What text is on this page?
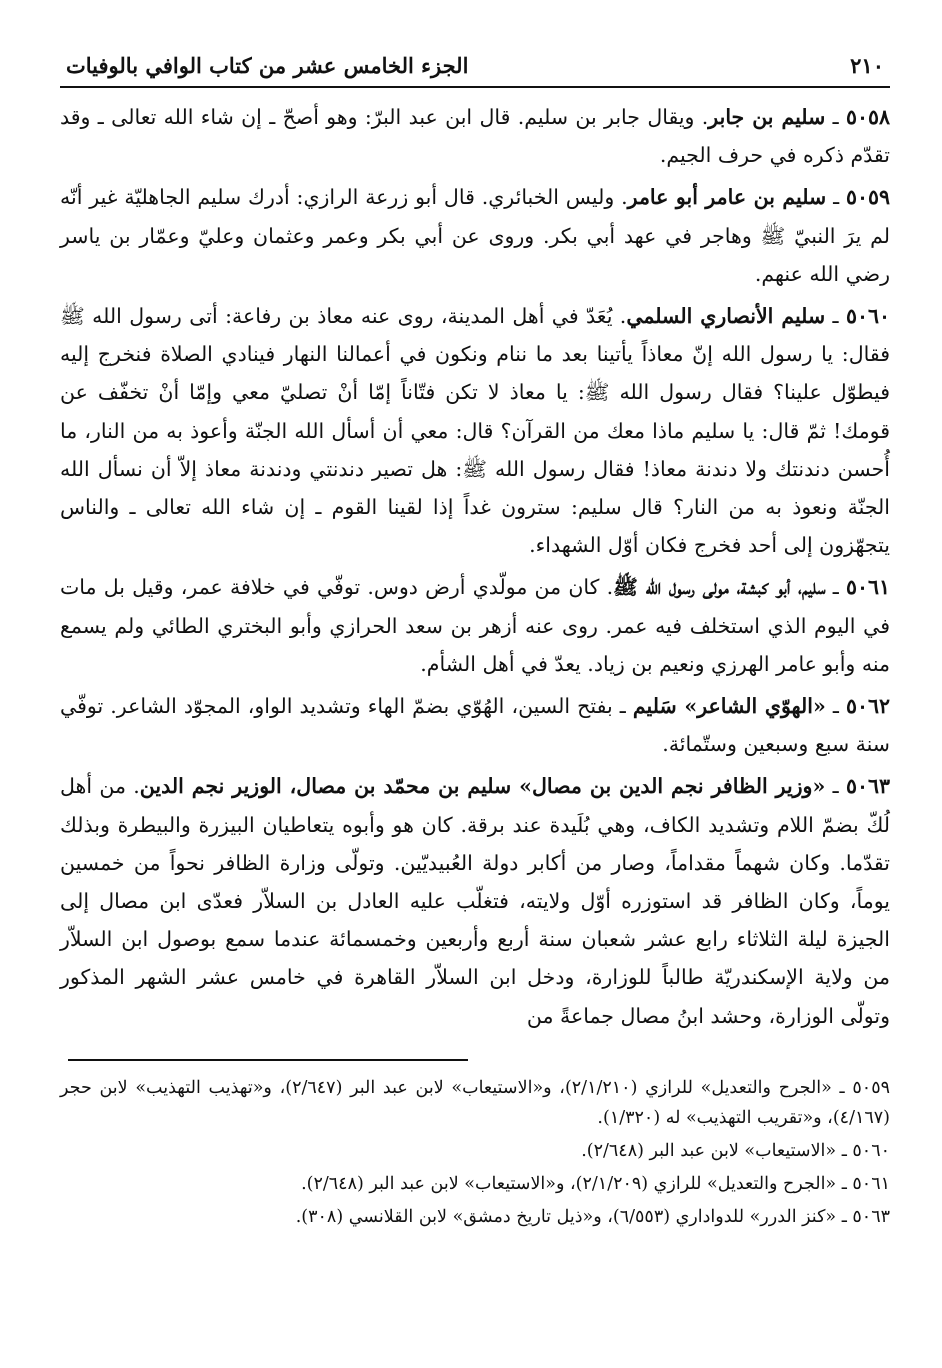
٢١٠
الجزء الخامس عشر من كتاب الوافي بالوفيات

٥٠٥٨ ـ سليم بن جابر. ويقال جابر بن سليم. قال ابن عبد البرّ: وهو أصحّ ـ إن شاء الله تعالى ـ وقد تقدّم ذكره في حرف الجيم.

٥٠٥٩ ـ سليم بن عامر أبو عامر. وليس الخبائري. قال أبو زرعة الرازي: أدرك سليم الجاهليّة غير أنّه لم يرَ النبيّ ﷺ وهاجر في عهد أبي بكر. وروى عن أبي بكر وعمر وعثمان وعليّ وعمّار بن ياسر رضي الله عنهم.

٥٠٦٠ ـ سليم الأنصاري السلمي. يُعَدّ في أهل المدينة، روى عنه معاذ بن رفاعة: أتى رسول الله ﷺ فقال: يا رسول الله إنّ معاذاً يأتينا بعد ما ننام ونكون في أعمالنا النهار فينادي الصلاة فنخرج إليه فيطوّل علينا؟ فقال رسول الله ﷺ: يا معاذ لا تكن فتّاناً إمّا أنْ تصليّ معي وإمّا أنْ تخفّف عن قومك! ثمّ قال: يا سليم ماذا معك من القرآن؟ قال: معي أن أسأل الله الجنّة وأعوذ به من النار، ما أُحسن دندنتك ولا دندنة معاذ! فقال رسول الله ﷺ: هل تصير دندنتي ودندنة معاذ إلاّ أن نسأل الله الجنّة ونعوذ به من النار؟ قال سليم: سترون غداً إذا لقينا القوم ـ إن شاء الله تعالى ـ والناس يتجهّزون إلى أحد فخرج فكان أوّل الشهداء.

٥٠٦١ ـ سليم، أبو كبشة، مولى رسول الله ﷺ. كان من مولّدي أرض دوس. توفّي في خلافة عمر، وقيل بل مات في اليوم الذي استخلف فيه عمر. روى عنه أزهر بن سعد الحرازي وأبو البختري الطائي ولم يسمع منه وأبو عامر الهرزي ونعيم بن زياد. يعدّ في أهل الشأم.

٥٠٦٢ ـ «الهوّي الشاعر» سَليم ـ بفتح السين، الهُوّي بضمّ الهاء وتشديد الواو، المجوّد الشاعر. توفّي سنة سبع وسبعين وستّمائة.

٥٠٦٣ ـ «وزير الظافر نجم الدين بن مصال» سليم بن محمّد بن مصال، الوزير نجم الدين. من أهل لُكّ بضمّ اللام وتشديد الكاف، وهي بُلَيدة عند برقة. كان هو وأبوه يتعاطيان البيزرة والبيطرة وبذلك تقدّما. وكان شهماً مقداماً، وصار من أكابر دولة العُبيديّين. وتولّى وزارة الظافر نحواً من خمسين يوماً، وكان الظافر قد استوزره أوّل ولايته، فتغلّب عليه العادل بن السلاّر فعدّى ابن مصال إلى الجيزة ليلة الثلاثاء رابع عشر شعبان سنة أربع وأربعين وخمسمائة عندما سمع بوصول ابن السلاّر من ولاية الإسكندريّة طالباً للوزارة، ودخل ابن السلاّر القاهرة في خامس عشر الشهر المذكور وتولّى الوزارة، وحشد ابنُ مصال جماعةً من

٥٠٥٩ ـ «الجرح والتعديل» للرازي (٢/١/٢١٠)، و«الاستيعاب» لابن عبد البر (٢/٦٤٧)، و«تهذيب التهذيب» لابن حجر (٤/١٦٧)، و«تقريب التهذيب» له (١/٣٢٠).

٥٠٦٠ ـ «الاستيعاب» لابن عبد البر (٢/٦٤٨).

٥٠٦١ ـ «الجرح والتعديل» للرازي (٢/١/٢٠٩)، و«الاستيعاب» لابن عبد البر (٢/٦٤٨).

٥٠٦٣ ـ «كنز الدرر» للدواداري (٦/٥٥٣)، و«ذيل تاريخ دمشق» لابن القلانسي (٣٠٨).
